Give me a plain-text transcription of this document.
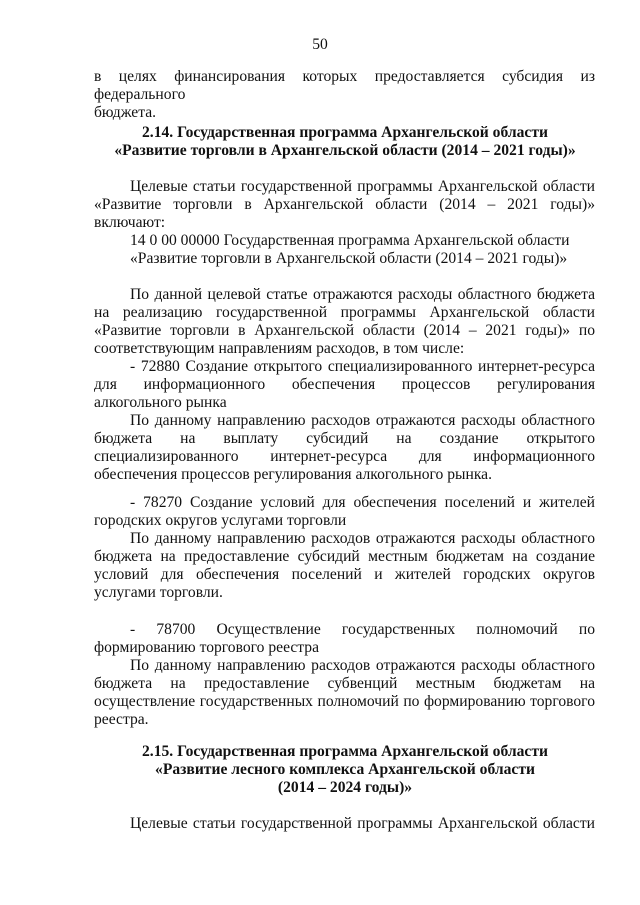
50

в целях финансирования которых предоставляется субсидия из федерального

бюджета.

2.14. Государственная программа Архангельской области
«Развитие торговли в Архангельской области (2014 – 2021 годы)»

Целевые статьи государственной программы Архангельской области

«Развитие торговли в Архангельской области (2014 – 2021 годы)» включают:

14 0 00 00000 Государственная программа Архангельской области

«Развитие торговли в Архангельской области (2014 – 2021 годы)»

По данной целевой статье отражаются расходы областного бюджета на реализацию государственной программы Архангельской области «Развитие торговли в Архангельской области (2014 – 2021 годы)» по соответствующим направлениям расходов, в том числе:

- 72880 Создание открытого специализированного интернет-ресурса для информационного обеспечения процессов регулирования алкогольного рынка

По данному направлению расходов отражаются расходы областного бюджета на выплату субсидий на создание открытого специализированного интернет-ресурса для информационного обеспечения процессов регулирования алкогольного рынка.

- 78270 Создание условий для обеспечения поселений и жителей городских округов услугами торговли

По данному направлению расходов отражаются расходы областного бюджета на предоставление субсидий местным бюджетам на создание условий для обеспечения поселений и жителей городских округов услугами торговли.

- 78700 Осуществление государственных полномочий по формированию торгового реестра

По данному направлению расходов отражаются расходы областного бюджета на предоставление субвенций местным бюджетам на осуществление государственных полномочий по формированию торгового реестра.

2.15. Государственная программа Архангельской области
«Развитие лесного комплекса Архангельской области
(2014 – 2024 годы)»

Целевые статьи государственной программы Архангельской области
